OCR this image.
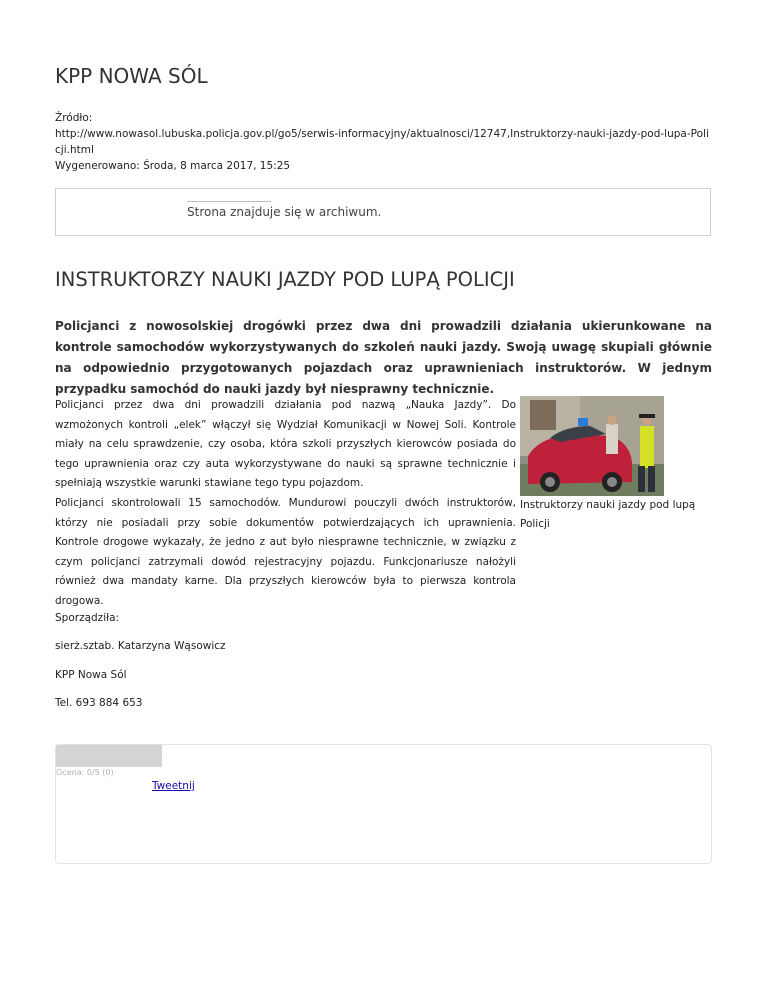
KPP NOWA SÓL
Źródło:
http://www.nowasol.lubuska.policja.gov.pl/go5/serwis-informacyjny/aktualnosci/12747,Instruktorzy-nauki-jazdy-pod-lupa-Poli cji.html
Wygenerowano: Środa, 8 marca 2017, 15:25
Strona znajduje się w archiwum.
INSTRUKTORZY NAUKI JAZDY POD LUPĄ POLICJI

Policjanci z nowosolskiej drogówki przez dwa dni prowadzili działania ukierunkowane na kontrole samochodów wykorzystywanych do szkoleń nauki jazdy. Swoją uwagę skupiali głównie na odpowiednio przygotowanych pojazdach oraz uprawnieniach instruktorów. W jednym przypadku samochód do nauki jazdy był niesprawny technicznie.

Policjanci przez dwa dni prowadzili działania pod nazwą „Nauka Jazdy”. Do wzmożonych kontroli „elek” włączył się Wydział Komunikacji w Nowej Soli. Kontrole miały na celu sprawdzenie, czy osoba, która szkoli przyszłych kierowców posiada do tego uprawnienia oraz czy auta wykorzystywane do nauki są sprawne technicznie i spełniają wszystkie warunki stawiane tego typu pojazdom.

Instruktorzy nauki jazdy pod lupą Policji

Policjanci skontrolowali 15 samochodów. Mundurowi pouczyli dwóch instruktorów, którzy nie posiadali przy sobie dokumentów potwierdzających ich uprawnienia. Kontrole drogowe wykazały, że jedno z aut było niesprawne technicznie, w związku z czym policjanci zatrzymali dowód rejestracyjny pojazdu. Funkcjonariusze nałożyli również dwa mandaty karne. Dla przyszłych kierowców była to pierwsza kontrola drogowa.

Sporządziła:

sierż.sztab. Katarzyna Wąsowicz

KPP Nowa Sól

Tel. 693 884 653

Ocena: 0/5 (0)
Tweetnij
